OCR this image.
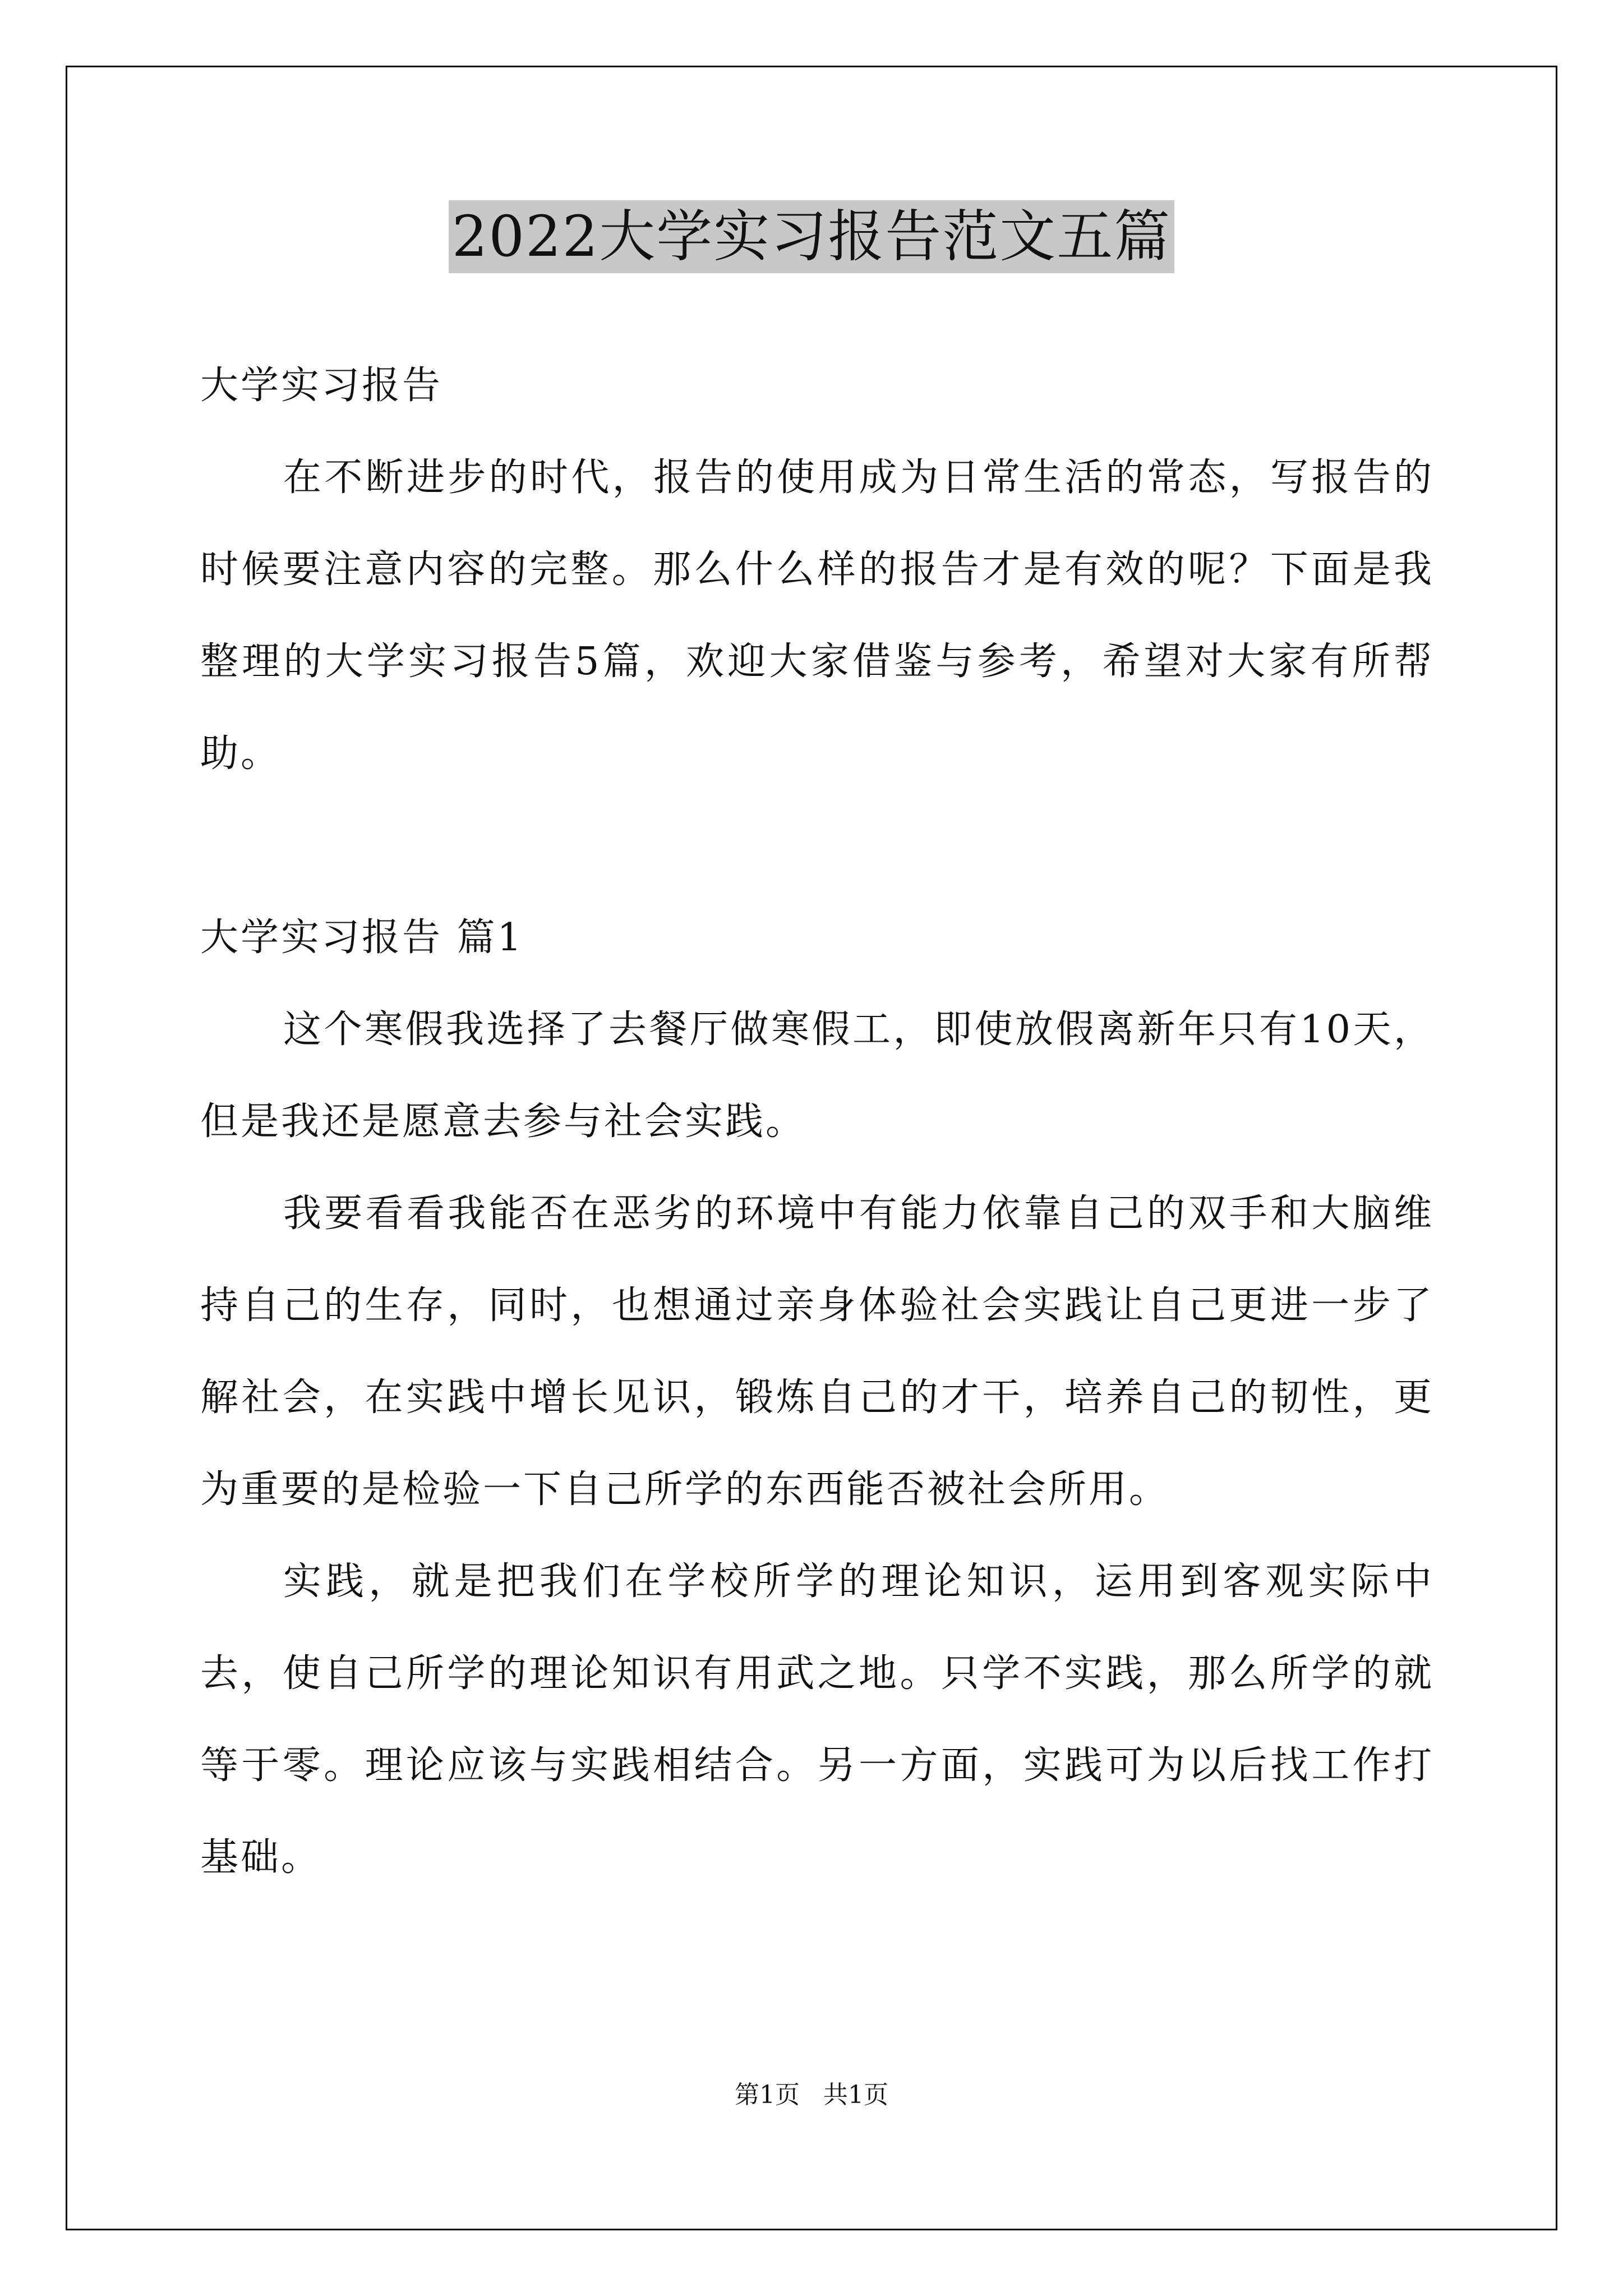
2022大学实习报告范文五篇

大学实习报告

在不断进步的时代，报告的使用成为日常生活的常态，写报告的时候要注意内容的完整。那么什么样的报告才是有效的呢？下面是我整理的大学实习报告5篇，欢迎大家借鉴与参考，希望对大家有所帮助。

大学实习报告 篇1

这个寒假我选择了去餐厅做寒假工，即使放假离新年只有10天，但是我还是愿意去参与社会实践。

我要看看我能否在恶劣的环境中有能力依靠自己的双手和大脑维持自己的生存，同时，也想通过亲身体验社会实践让自己更进一步了解社会，在实践中增长见识，锻炼自己的才干，培养自己的韧性，更为重要的是检验一下自己所学的东西能否被社会所用。

实践，就是把我们在学校所学的理论知识，运用到客观实际中去，使自己所学的理论知识有用武之地。只学不实践，那么所学的就等于零。理论应该与实践相结合。另一方面，实践可为以后找工作打基础。

第1页 共1页
